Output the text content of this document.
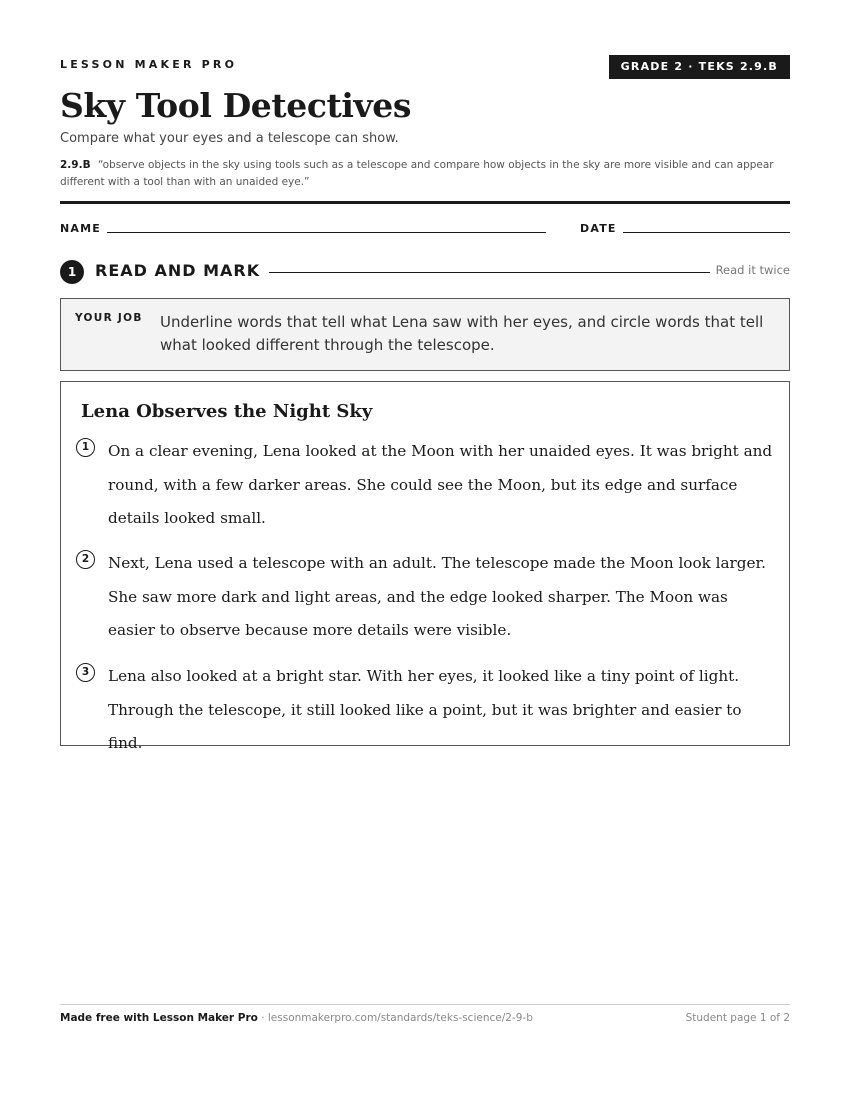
LESSON MAKER PRO	GRADE 2 · TEKS 2.9.B
Sky Tool Detectives
Compare what your eyes and a telescope can show.
2.9.B “observe objects in the sky using tools such as a telescope and compare how objects in the sky are more visible and can appear different with a tool than with an unaided eye.”
NAME	DATE
1	READ AND MARK	Read it twice
YOUR JOB Underline words that tell what Lena saw with her eyes, and circle words that tell what looked different through the telescope.
Lena Observes the Night Sky
1	On a clear evening, Lena looked at the Moon with her unaided eyes. It was bright and round, with a few darker areas. She could see the Moon, but its edge and surface details looked small.
2	Next, Lena used a telescope with an adult. The telescope made the Moon look larger. She saw more dark and light areas, and the edge looked sharper. The Moon was easier to observe because more details were visible.
3	Lena also looked at a bright star. With her eyes, it looked like a tiny point of light. Through the telescope, it still looked like a point, but it was brighter and easier to find.
Made free with Lesson Maker Pro · lessonmakerpro.com/standards/teks-science/2-9-b	Student page 1 of 2
